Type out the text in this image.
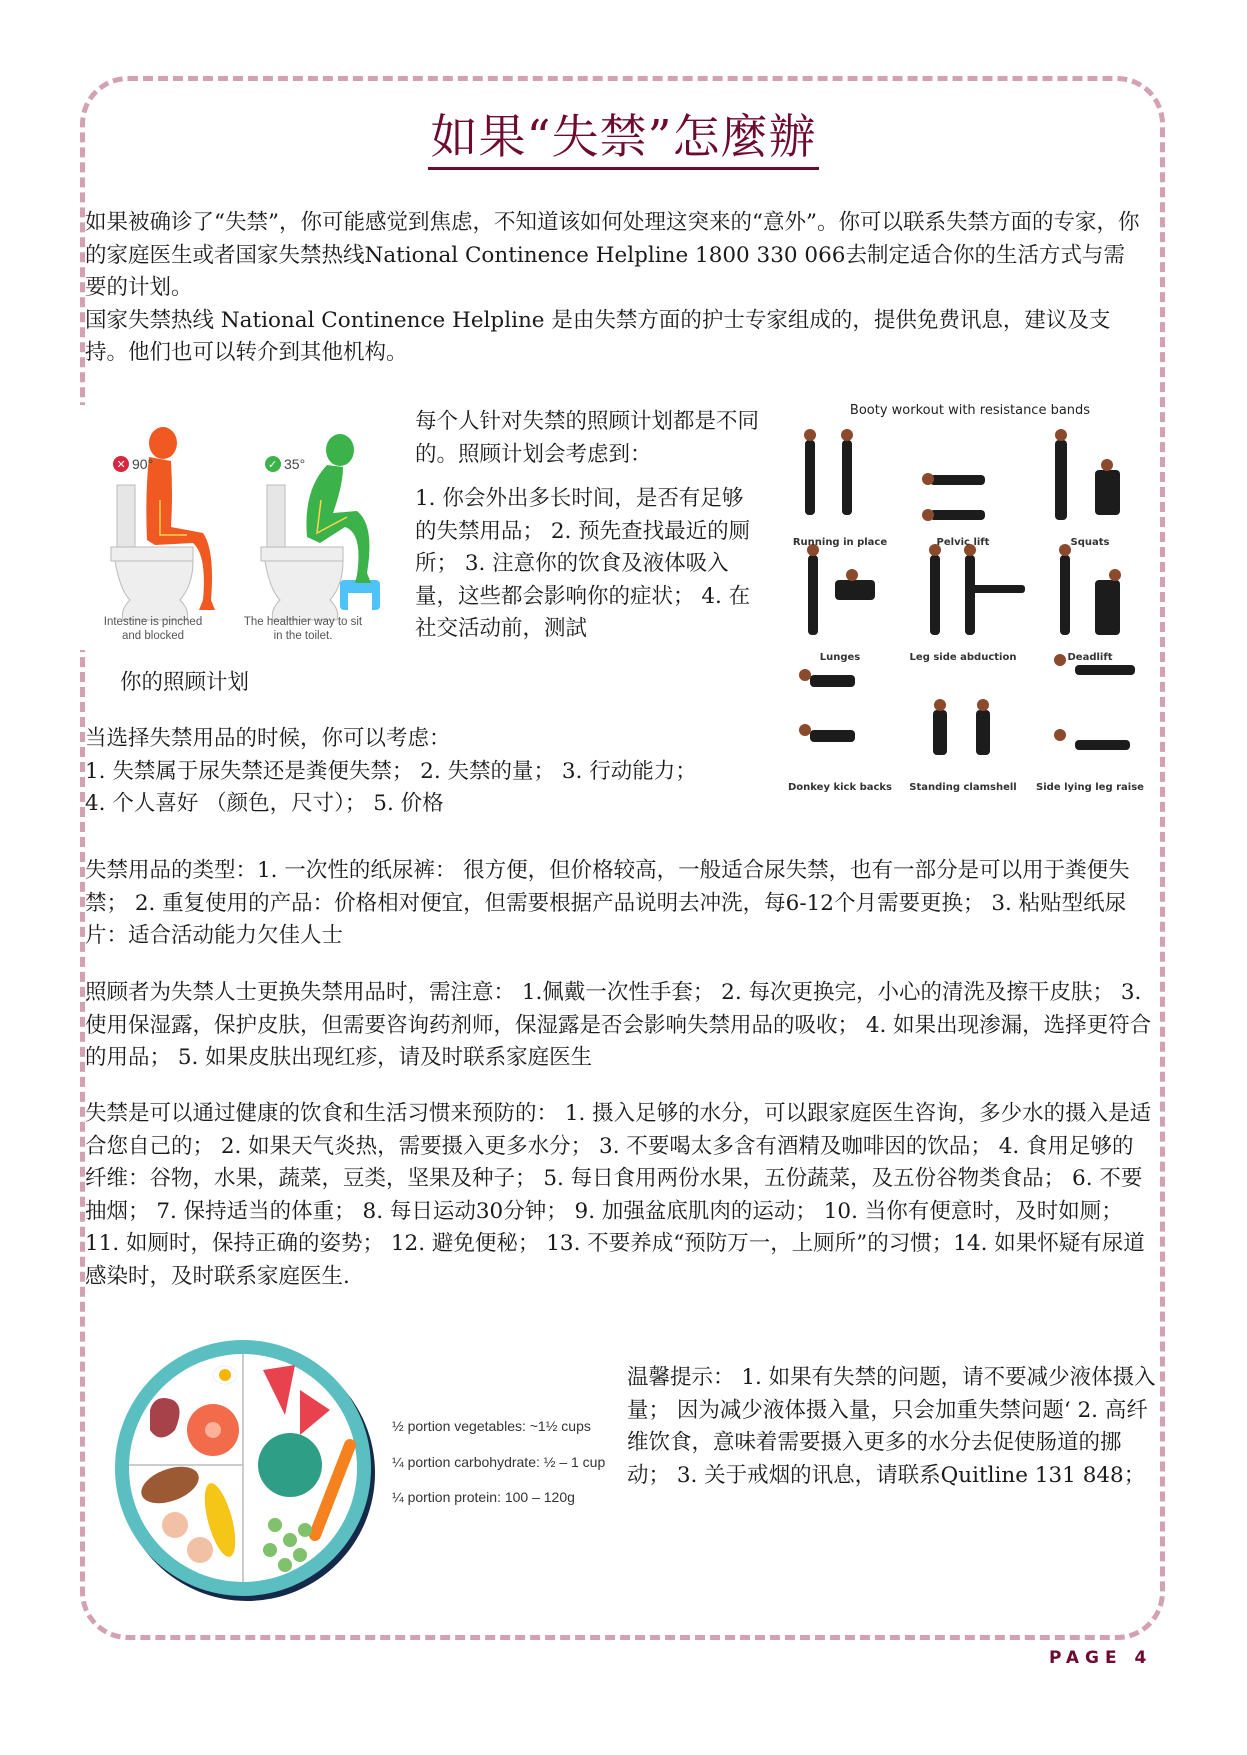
如果“失禁”怎麼辦

如果被确诊了“失禁”，你可能感觉到焦虑，不知道该如何处理这突来的“意外”。你可以联系失禁方面的专家，你的家庭医生或者国家失禁热线National Continence Helpline 1800 330 066去制定适合你的生活方式与需要的计划。

国家失禁热线 National Continence Helpline 是由失禁方面的护士专家组成的，提供免费讯息，建议及支持。他们也可以转介到其他机构。

✕ 90°
Intestine is pinched
and blocked
✓ 35°
The healthier way to sit
in the toilet.

每个人针对失禁的照顾计划都是不同的。照顾计划会考虑到：

1. 你会外出多长时间，是否有足够的失禁用品； 2. 预先查找最近的厕所； 3. 注意你的饮食及液体吸入量，这些都会影响你的症状； 4. 在社交活动前，测試

你的照顾计划

Booty workout with resistance bands
Running in place	Pelvic lift	Squats
Lunges	Leg side abduction	Deadlift
Donkey kick backs Standing clamshell Side lying leg raise

当选择失禁用品的时候，你可以考虑：

1. 失禁属于尿失禁还是粪便失禁； 2. 失禁的量； 3. 行动能力；

4. 个人喜好 （颜色，尺寸）； 5. 价格

失禁用品的类型：1. 一次性的纸尿裤： 很方便，但价格较高，一般适合尿失禁，也有一部分是可以用于粪便失禁； 2. 重复使用的产品：价格相对便宜，但需要根据产品说明去冲洗，每6-12个月需要更换； 3. 粘贴型纸尿片：适合活动能力欠佳人士

照顾者为失禁人士更换失禁用品时，需注意： 1.佩戴一次性手套； 2. 每次更换完，小心的清洗及擦干皮肤； 3. 使用保湿露，保护皮肤，但需要咨询药剂师，保湿露是否会影响失禁用品的吸收； 4. 如果出现渗漏，选择更符合的用品； 5. 如果皮肤出现红疹，请及时联系家庭医生

失禁是可以通过健康的饮食和生活习惯来预防的： 1. 摄入足够的水分，可以跟家庭医生咨询，多少水的摄入是适合您自己的； 2. 如果天气炎热，需要摄入更多水分； 3. 不要喝太多含有酒精及咖啡因的饮品； 4. 食用足够的纤维：谷物，水果，蔬菜，豆类，坚果及种子； 5. 每日食用两份水果，五份蔬菜，及五份谷物类食品； 6. 不要抽烟； 7. 保持适当的体重； 8. 每日运动30分钟； 9. 加强盆底肌肉的运动； 10. 当你有便意时，及时如厕； 11. 如厕时，保持正确的姿势； 12. 避免便秘； 13. 不要养成“预防万一，上厕所”的习惯；14. 如果怀疑有尿道感染时，及时联系家庭医生.

½ portion vegetables: ~1½ cups
¼ portion carbohydrate: ½ – 1 cup
¼ portion protein: 100 – 120g

温馨提示： 1. 如果有失禁的问题，请不要减少液体摄入量； 因为减少液体摄入量，只会加重失禁问题‘ 2. 高纤维饮食，意味着需要摄入更多的水分去促使肠道的挪动； 3. 关于戒烟的讯息，请联系Quitline 131 848；

PAGE 4
